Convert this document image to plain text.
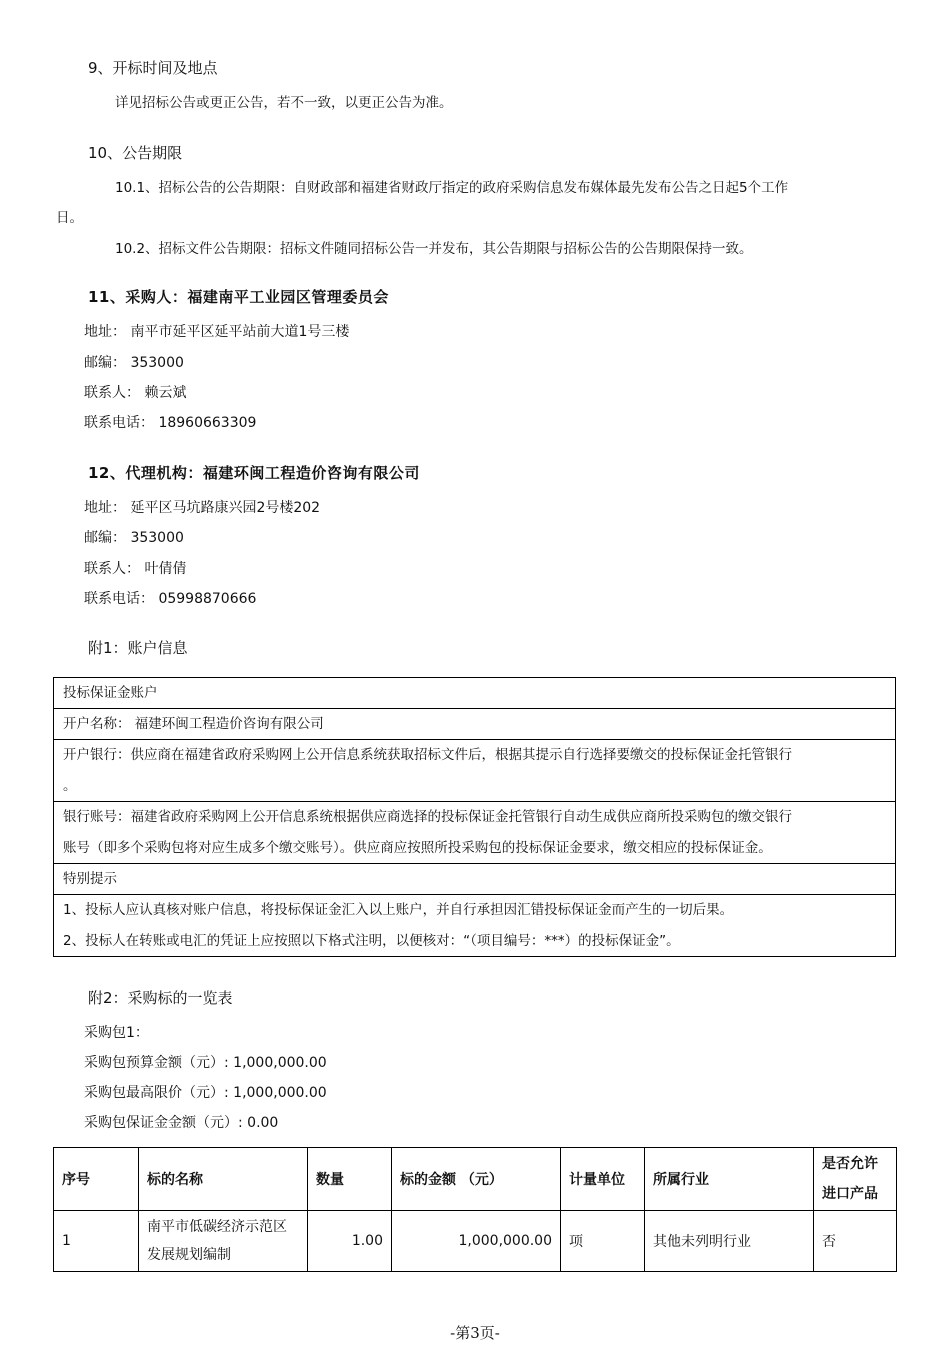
9、开标时间及地点
详见招标公告或更正公告，若不一致，以更正公告为准。
10、公告期限
10.1、招标公告的公告期限：自财政部和福建省财政厅指定的政府采购信息发布媒体最先发布公告之日起5个工作
日。
10.2、招标文件公告期限：招标文件随同招标公告一并发布，其公告期限与招标公告的公告期限保持一致。
11、采购人：福建南平工业园区管理委员会
地址： 南平市延平区延平站前大道1号三楼
邮编： 353000
联系人： 赖云斌
联系电话： 18960663309
12、代理机构：福建环闽工程造价咨询有限公司
地址： 延平区马坑路康兴园2号楼202
邮编： 353000
联系人： 叶倩倩
联系电话： 05998870666
附1：账户信息
投标保证金账户
开户名称： 福建环闽工程造价咨询有限公司
开户银行：供应商在福建省政府采购网上公开信息系统获取招标文件后，根据其提示自行选择要缴交的投标保证金托管银行
。
银行账号：福建省政府采购网上公开信息系统根据供应商选择的投标保证金托管银行自动生成供应商所投采购包的缴交银行
账号（即多个采购包将对应生成多个缴交账号）。供应商应按照所投采购包的投标保证金要求，缴交相应的投标保证金。
特别提示
1、投标人应认真核对账户信息，将投标保证金汇入以上账户，并自行承担因汇错投标保证金而产生的一切后果。
2、投标人在转账或电汇的凭证上应按照以下格式注明，以便核对：“（项目编号：***）的投标保证金”。
附2：采购标的一览表
采购包1：
采购包预算金额（元）: 1,000,000.00
采购包最高限价（元）: 1,000,000.00
采购包保证金金额（元）: 0.00
序号	标的名称	数量	标的金额 （元）	计量单位	所属行业	是否允许
进口产品

1	南平市低碳经济示范区
发展规划编制	1.00	1,000,000.00	项	其他未列明行业	否
-第3页-
